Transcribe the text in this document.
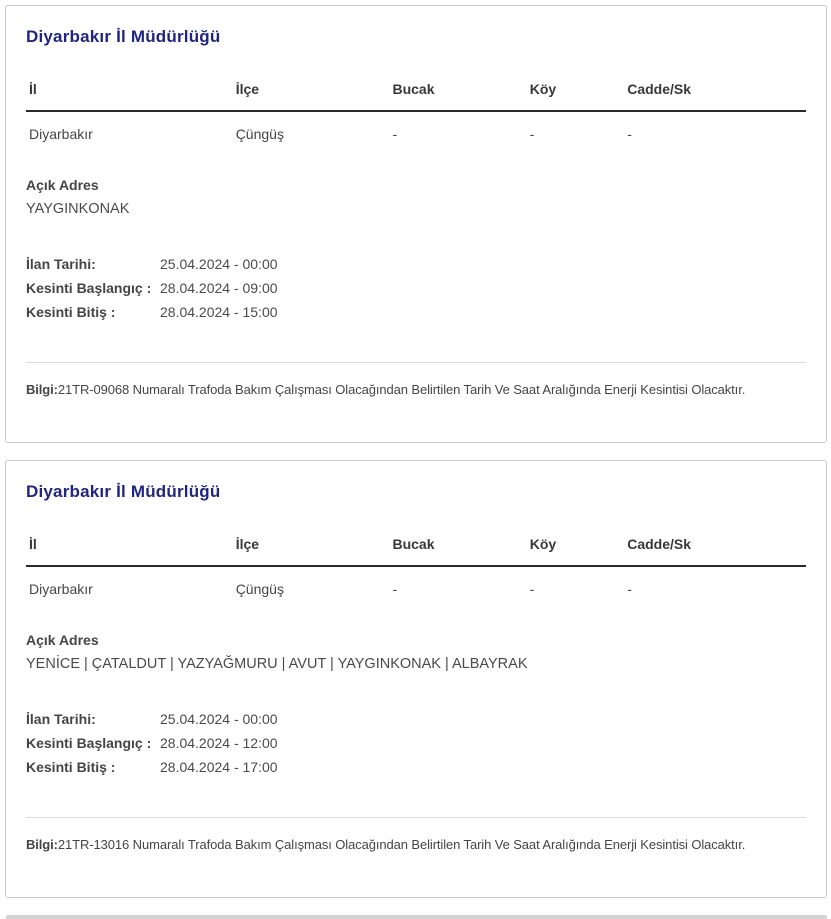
Diyarbakır İl Müdürlüğü
İl	İlçe	Bucak	Köy	Cadde/Sk
Diyarbakır	Çüngüş	-	-	-
Açık Adres
YAYGINKONAK
İlan Tarihi:	25.04.2024 - 00:00
Kesinti Başlangıç : 28.04.2024 - 09:00
Kesinti Bitiş :	28.04.2024 - 15:00
Bilgi:21TR-09068 Numaralı Trafoda Bakım Çalışması Olacağından Belirtilen Tarih Ve Saat Aralığında Enerji Kesintisi Olacaktır.
Diyarbakır İl Müdürlüğü
İl	İlçe	Bucak	Köy	Cadde/Sk
Diyarbakır	Çüngüş	-	-	-
Açık Adres
YENİCE | ÇATALDUT | YAZYAĞMURU | AVUT | YAYGINKONAK | ALBAYRAK
İlan Tarihi:	25.04.2024 - 00:00
Kesinti Başlangıç : 28.04.2024 - 12:00
Kesinti Bitiş :	28.04.2024 - 17:00
Bilgi:21TR-13016 Numaralı Trafoda Bakım Çalışması Olacağından Belirtilen Tarih Ve Saat Aralığında Enerji Kesintisi Olacaktır.
